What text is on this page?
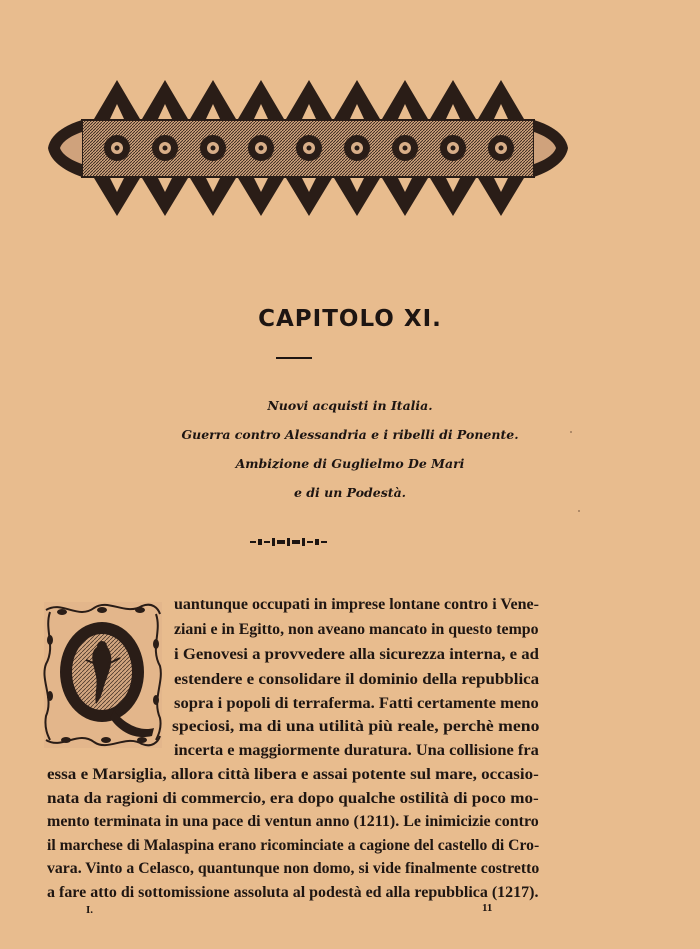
CAPITOLO XI.
Nuovi acquisti in Italia.
Guerra contro Alessandria e i ribelli di Ponente.
Ambizione di Guglielmo De Mari
e di un Podestà.
uantunque occupati in imprese lontane contro i Vene-
ziani e in Egitto, non aveano mancato in questo tempo
i Genovesi a provvedere alla sicurezza interna, e ad
estendere e consolidare il dominio della repubblica
sopra i popoli di terraferma. Fatti certamente meno
speciosi, ma di una utilità più reale, perchè meno
incerta e maggiormente duratura. Una collisione fra
essa e Marsiglia, allora città libera e assai potente sul mare, occasio-
nata da ragioni di commercio, era dopo qualche ostilità di poco mo-
mento terminata in una pace di ventun anno (1211). Le inimicizie contro
il marchese di Malaspina erano ricominciate a cagione del castello di Cro-
vara. Vinto a Celasco, quantunque non domo, si vide finalmente costretto
a fare atto di sottomissione assoluta al podestà ed alla repubblica (1217).
I.	11
